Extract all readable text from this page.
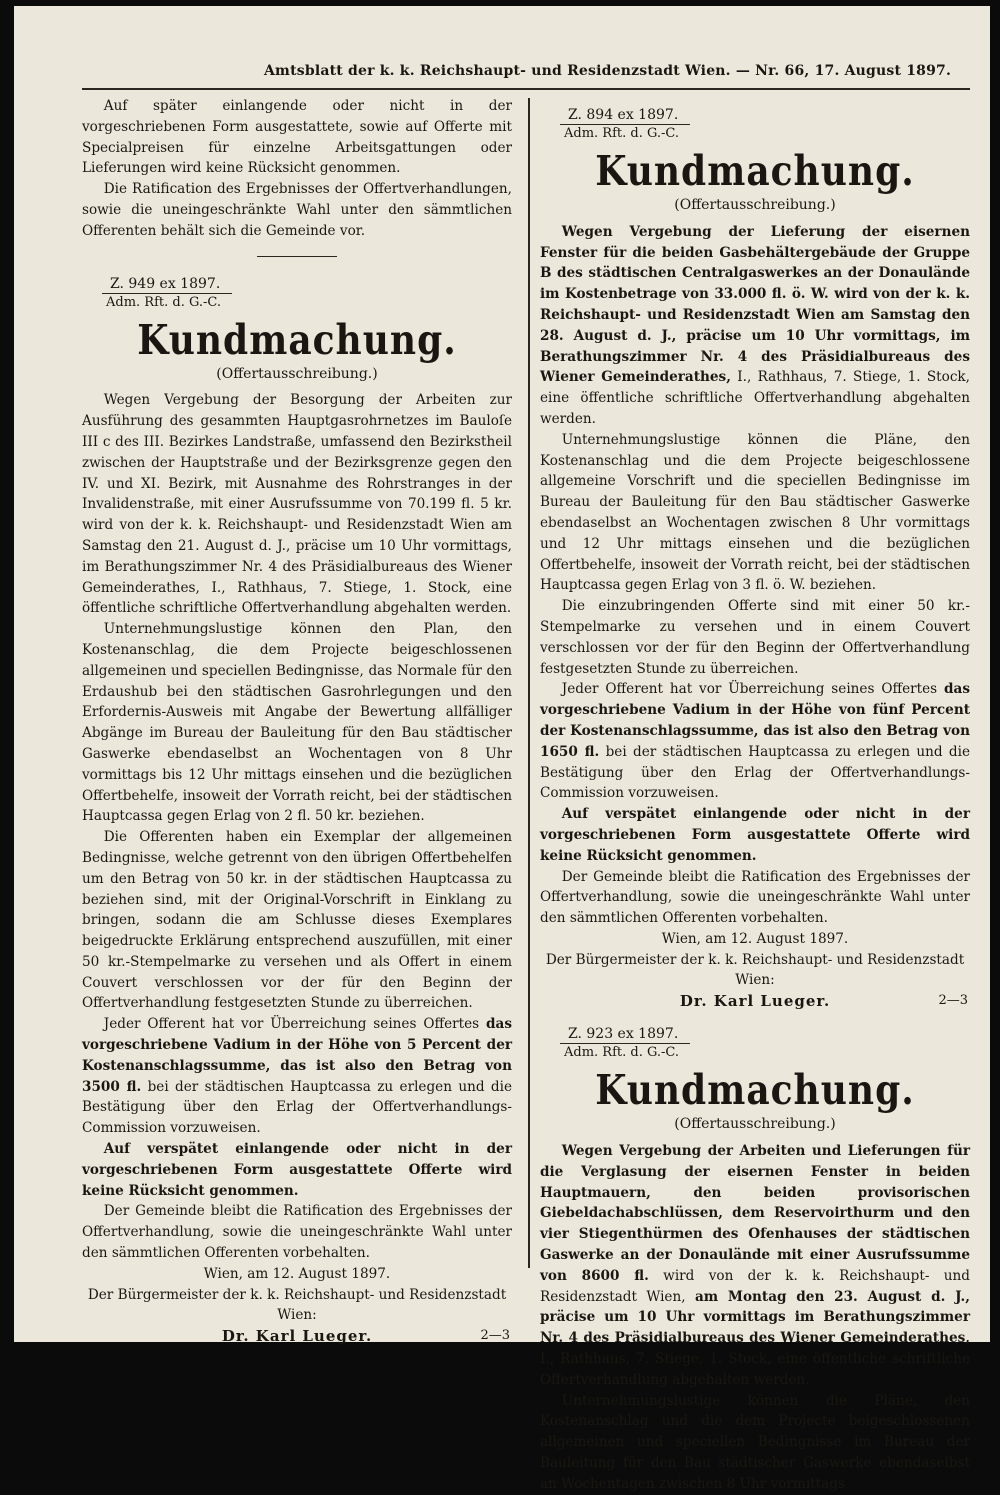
Amtsblatt der k. k. Reichshaupt- und Residenzstadt Wien. — Nr. 66, 17. August 1897.

Auf später einlangende oder nicht in der vorgeschriebenen Form ausgestattete, sowie auf Offerte mit Specialpreisen für einzelne Arbeitsgattungen oder Lieferungen wird keine Rücksicht genommen.

Die Ratification des Ergebnisses der Offertverhandlungen, sowie die uneingeschränkte Wahl unter den sämmtlichen Offerenten behält sich die Gemeinde vor.

Z. 949 ex 1897.
Adm. Rft. d. G.-C.
Kundmachung.
(Offertausschreibung.)

Wegen Vergebung der Besorgung der Arbeiten zur Ausführung des gesammten Hauptgasrohrnetzes im Bauloſe III c des III. Bezirkes Landstraße, umfassend den Bezirkstheil zwischen der Hauptstraße und der Bezirksgrenze gegen den IV. und XI. Bezirk, mit Ausnahme des Rohrstranges in der Invalidenstraße, mit einer Ausrufssumme von 70.199 fl. 5 kr. wird von der k. k. Reichshaupt- und Residenzstadt Wien am Samstag den 21. August d. J., präcise um 10 Uhr vormittags, im Berathungszimmer Nr. 4 des Präsidialbureaus des Wiener Gemeinderathes, I., Rathhaus, 7. Stiege, 1. Stock, eine öffentliche schriftliche Offertverhandlung abgehalten werden.

Unternehmungslustige können den Plan, den Kostenanschlag, die dem Projecte beigeschlossenen allgemeinen und speciellen Bedingnisse, das Normale für den Erdaushub bei den städtischen Gasrohrlegungen und den Erfordernis-Ausweis mit Angabe der Bewertung allfälliger Abgänge im Bureau der Bauleitung für den Bau städtischer Gaswerke ebendaselbst an Wochentagen von 8 Uhr vormittags bis 12 Uhr mittags einsehen und die bezüglichen Offertbehelfe, insoweit der Vorrath reicht, bei der städtischen Hauptcassa gegen Erlag von 2 fl. 50 kr. beziehen.

Die Offerenten haben ein Exemplar der allgemeinen Bedingnisse, welche getrennt von den übrigen Offertbehelfen um den Betrag von 50 kr. in der städtischen Hauptcassa zu beziehen sind, mit der Original-Vorschrift in Einklang zu bringen, sodann die am Schlusse dieses Exemplares beigedruckte Erklärung entsprechend auszufüllen, mit einer 50 kr.-Stempelmarke zu versehen und als Offert in einem Couvert verschlossen vor der für den Beginn der Offertverhandlung festgesetzten Stunde zu überreichen.

Jeder Offerent hat vor Überreichung seines Offertes das vorgeschriebene Vadium in der Höhe von 5 Percent der Kostenanschlagssumme, das ist also den Betrag von 3500 fl. bei der städtischen Hauptcassa zu erlegen und die Bestätigung über den Erlag der Offertverhandlungs-Commission vorzuweisen.

Auf verspätet einlangende oder nicht in der vorgeschriebenen Form ausgestattete Offerte wird keine Rücksicht genommen.

Der Gemeinde bleibt die Ratification des Ergebnisses der Offertverhandlung, sowie die uneingeschränkte Wahl unter den sämmtlichen Offerenten vorbehalten.

Wien, am 12. August 1897.

Der Bürgermeister der k. k. Reichshaupt- und Residenzstadt Wien:

Dr. Karl Lueger.	2—3
Z. 894 ex 1897.
Adm. Rft. d. G.-C.
Kundmachung.
(Offertausschreibung.)

Wegen Vergebung der Lieferung der eisernen Fenster für die beiden Gasbehältergebäude der Gruppe B des städtischen Centralgaswerkes an der Donaulände im Kostenbetrage von 33.000 fl. ö. W. wird von der k. k. Reichshaupt- und Residenzstadt Wien am Samstag den 28. August d. J., präcise um 10 Uhr vormittags, im Berathungszimmer Nr. 4 des Präsidialbureaus des Wiener Gemeinderathes, I., Rathhaus, 7. Stiege, 1. Stock, eine öffentliche schriftliche Offertverhandlung abgehalten werden.

Unternehmungslustige können die Pläne, den Kostenanschlag und die dem Projecte beigeschlossene allgemeine Vorschrift und die speciellen Bedingnisse im Bureau der Bauleitung für den Bau städtischer Gaswerke ebendaselbst an Wochentagen zwischen 8 Uhr vormittags und 12 Uhr mittags einsehen und die bezüglichen Offertbehelfe, insoweit der Vorrath reicht, bei der städtischen Hauptcassa gegen Erlag von 3 fl. ö. W. beziehen.

Die einzubringenden Offerte sind mit einer 50 kr.-Stempelmarke zu versehen und in einem Couvert verschlossen vor der für den Beginn der Offertverhandlung festgesetzten Stunde zu überreichen.

Jeder Offerent hat vor Überreichung seines Offertes das vorgeschriebene Vadium in der Höhe von fünf Percent der Kostenanschlagssumme, das ist also den Betrag von 1650 fl. bei der städtischen Hauptcassa zu erlegen und die Bestätigung über den Erlag der Offertverhandlungs-Commission vorzuweisen.

Auf verspätet einlangende oder nicht in der vorgeschriebenen Form ausgestattete Offerte wird keine Rücksicht genommen.

Der Gemeinde bleibt die Ratification des Ergebnisses der Offertverhandlung, sowie die uneingeschränkte Wahl unter den sämmtlichen Offerenten vorbehalten.

Wien, am 12. August 1897.

Der Bürgermeister der k. k. Reichshaupt- und Residenzstadt Wien:

Dr. Karl Lueger.	2—3
Z. 923 ex 1897.
Adm. Rft. d. G.-C.
Kundmachung.
(Offertausschreibung.)

Wegen Vergebung der Arbeiten und Lieferungen für die Verglasung der eisernen Fenster in beiden Hauptmauern, den beiden provisorischen Giebeldachabschlüssen, dem Reservoirthurm und den vier Stiegenthürmen des Ofenhauses der städtischen Gaswerke an der Donaulände mit einer Ausrufssumme von 8600 fl. wird von der k. k. Reichshaupt- und Residenzstadt Wien, am Montag den 23. August d. J., präcise um 10 Uhr vormittags im Berathungszimmer Nr. 4 des Präsidialbureaus des Wiener Gemeinderathes, I., Rathhaus, 7. Stiege, 1. Stock, eine öffentliche schriftliche Offertverhandlung abgehalten werden.

Unternehmungslustige können die Pläne, den Kostenanschlag und die dem Projecte beigeschlossenen allgemeinen und speciellen Bedingnisse im Bureau der Bauleitung für den Bau städtischer Gaswerke ebendaselbst an Wochentagen zwischen 8 Uhr vormittags
